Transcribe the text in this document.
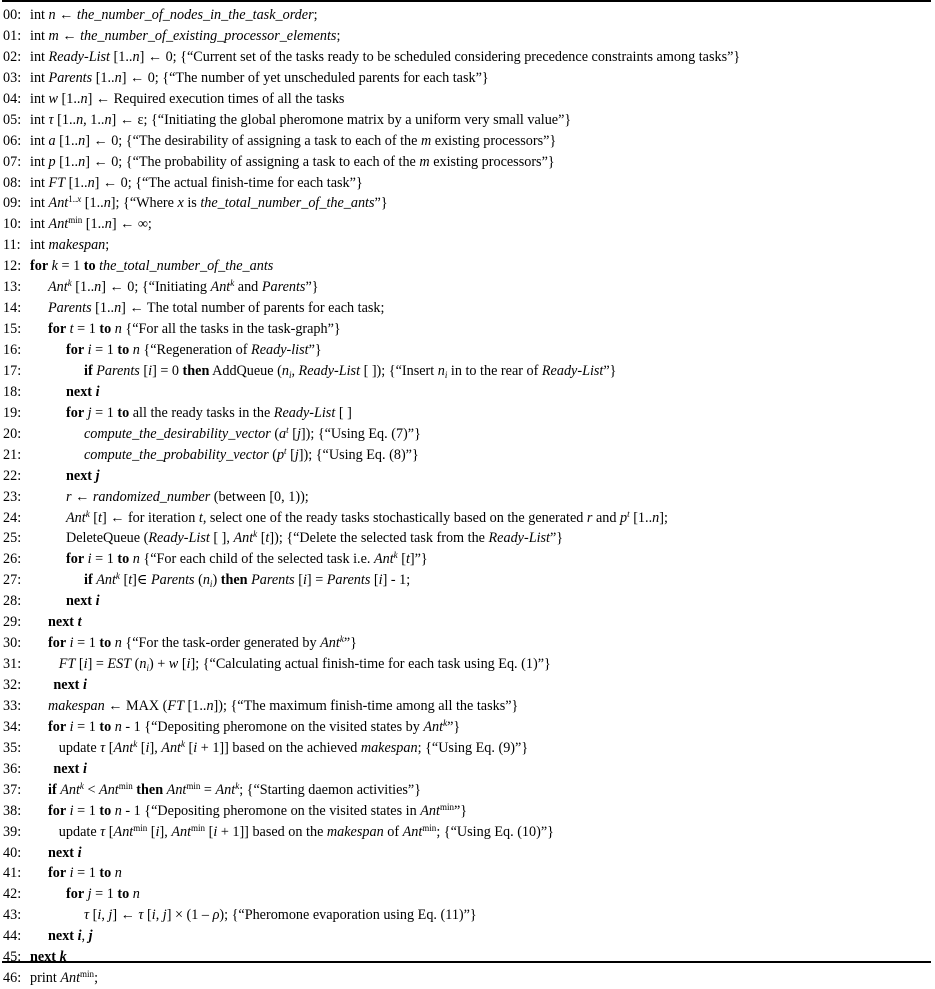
00: int n ← the_number_of_nodes_in_the_task_order;
01: int m ← the_number_of_existing_processor_elements;
02: int Ready-List [1..n] ← 0; {“Current set of the tasks ready to be scheduled considering precedence constraints among tasks”}
03: int Parents [1..n] ← 0; {“The number of yet unscheduled parents for each task”}
04: int w [1..n] ← Required execution times of all the tasks
05: int τ [1..n, 1..n] ← ε; {“Initiating the global pheromone matrix by a uniform very small value”}
06: int a [1..n] ← 0; {“The desirability of assigning a task to each of the m existing processors”}
07: int p [1..n] ← 0; {“The probability of assigning a task to each of the m existing processors”}
08: int FT [1..n] ← 0; {“The actual finish-time for each task”}
09: int Ant$^{1..x}$ [1..n]; {“Where x is the_total_number_of_the_ants”}
10: int Ant$^{min}$ [1..n] ← ∞;
11: int makespan;
12: for k = 1 to the_total_number_of_the_ants
13: Ant$^k$ [1..n] ← 0; {“Initiating Ant$^k$ and Parents”}
14: Parents [1..n] ← The total number of parents for each task;
15: for t = 1 to n {“For all the tasks in the task-graph”}
16:	for i = 1 to n {“Regeneration of Ready-list”}
17:	if Parents [i] = 0 then AddQueue ($n_i$, Ready-List [ ]); {“Insert $n_i$ in to the rear of Ready-List”}
18:	next i
19:	for j = 1 to all the ready tasks in the Ready-List [ ]
20:	compute_the_desirability_vector ($a^t$ [j]); {“Using Eq. (7)”}
21:	compute_the_probability_vector ($p^t$ [j]); {“Using Eq. (8)”}
22:	next j
23:	r ← randomized_number (between [0, 1));
24:	Ant$^k$ [t] ← for iteration t, select one of the ready tasks stochastically based on the generated r and $p^t$ [1..n];
25:	DeleteQueue (Ready-List [ ], Ant$^k$ [t]); {“Delete the selected task from the Ready-List”}
26:	for i = 1 to n {“For each child of the selected task i.e. Ant$^k$ [t]”}
27:	if Ant$^k$ [t]∈ Parents $(n_i)$ then Parents [i] = Parents [i] - 1;
28:	next i
29: next t
30: for i = 1 to n {“For the task-order generated by Ant$^k$”}
31:	FT [i] = EST $(n_i) + w$ [i]; {“Calculating actual finish-time for each task using Eq. (1)”}
32: next i
33: makespan ← MAX (FT [1..n]); {“The maximum finish-time among all the tasks”}
34: for i = 1 to n - 1 {“Depositing pheromone on the visited states by Ant$^k$”}
35:	update τ [Ant$^k$ [i], Ant$^k$ [i + 1]] based on the achieved makespan; {“Using Eq. (9)”}
36: next i
37: if Ant$^k$ < Ant$^{min}$ then Ant$^{min}$ = Ant$^k$; {“Starting daemon activities”}
38: for i = 1 to n - 1 {“Depositing pheromone on the visited states in Ant$^{min}$”}
39:	update τ [Ant$^{min}$ [i], Ant$^{min}$ [i + 1]] based on the makespan of Ant$^{min}$; {“Using Eq. (10)”}
40: next i
41: for i = 1 to n
42:	for j = 1 to n
43:	τ [i, j] ← τ [i, j] × (1 – ρ); {“Pheromone evaporation using Eq. (11)”}
44: next i, j
45: next k
46: print Ant$^{min}$;
